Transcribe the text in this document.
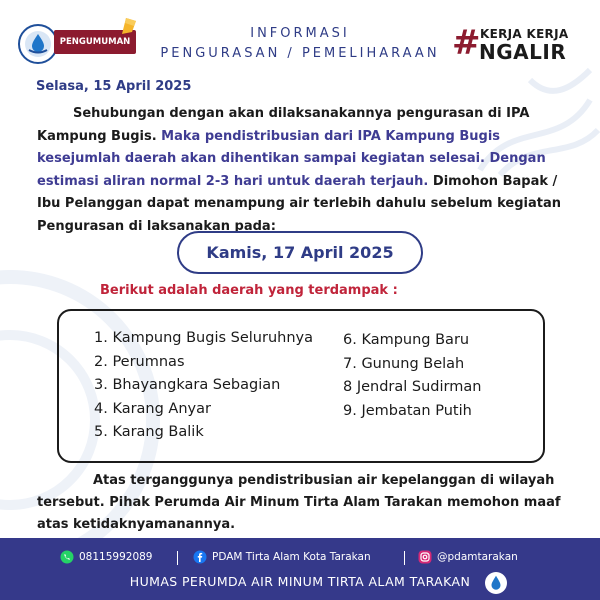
PENGUMUMAN
INFORMASI
PENGURASAN / PEMELIHARAAN # KERJA KERJA
NGALIR
Selasa, 15 April 2025
Sehubungan dengan akan dilaksanakannya pengurasan di IPA Kampung Bugis. Maka pendistribusian dari IPA Kampung Bugis kesejumlah daerah akan dihentikan sampai kegiatan selesai. Dengan estimasi aliran normal 2-3 hari untuk daerah terjauh. Dimohon Bapak / Ibu Pelanggan dapat menampung air terlebih dahulu sebelum kegiatan Pengurasan di laksanakan pada:
Kamis, 17 April 2025
Berikut adalah daerah yang terdampak :
1. Kampung Bugis Seluruhnya
2. Perumnas
3. Bhayangkara Sebagian
4. Karang Anyar
5. Karang Balik
6. Kampung Baru
7. Gunung Belah
8 Jendral Sudirman
9. Jembatan Putih
Atas terganggunya pendistribusian air kepelanggan di wilayah tersebut. Pihak Perumda Air Minum Tirta Alam Tarakan memohon maaf atas ketidaknyamanannya.
08115992089	PDAM Tirta Alam Kota Tarakan	@pdamtarakan
HUMAS PERUMDA AIR MINUM TIRTA ALAM TARAKAN
